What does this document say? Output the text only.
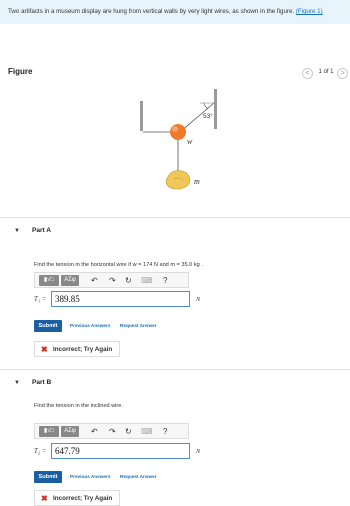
Two artifacts in a museum display are hung from vertical walls by very light wires, as shown in the figure. (Figure 1)
Figure	<	1 of 1 >
53°
w
m
▼ Part A
Find the tension in the horizontal wire if w = 174 N and m = 35.0 kg .
▮√□	ΑΣφ	↶ ↷ ↻ ⌨ ?
T₁ = 389.85	N
Submit	Previous Answers Request Answer
✖ Incorrect; Try Again
▼ Part B
Find the tension in the inclined wire.
▮√□	ΑΣφ	↶ ↷ ↻ ⌨ ?
T₂ = 647.79	N
Submit	Previous Answers Request Answer
✖ Incorrect; Try Again
